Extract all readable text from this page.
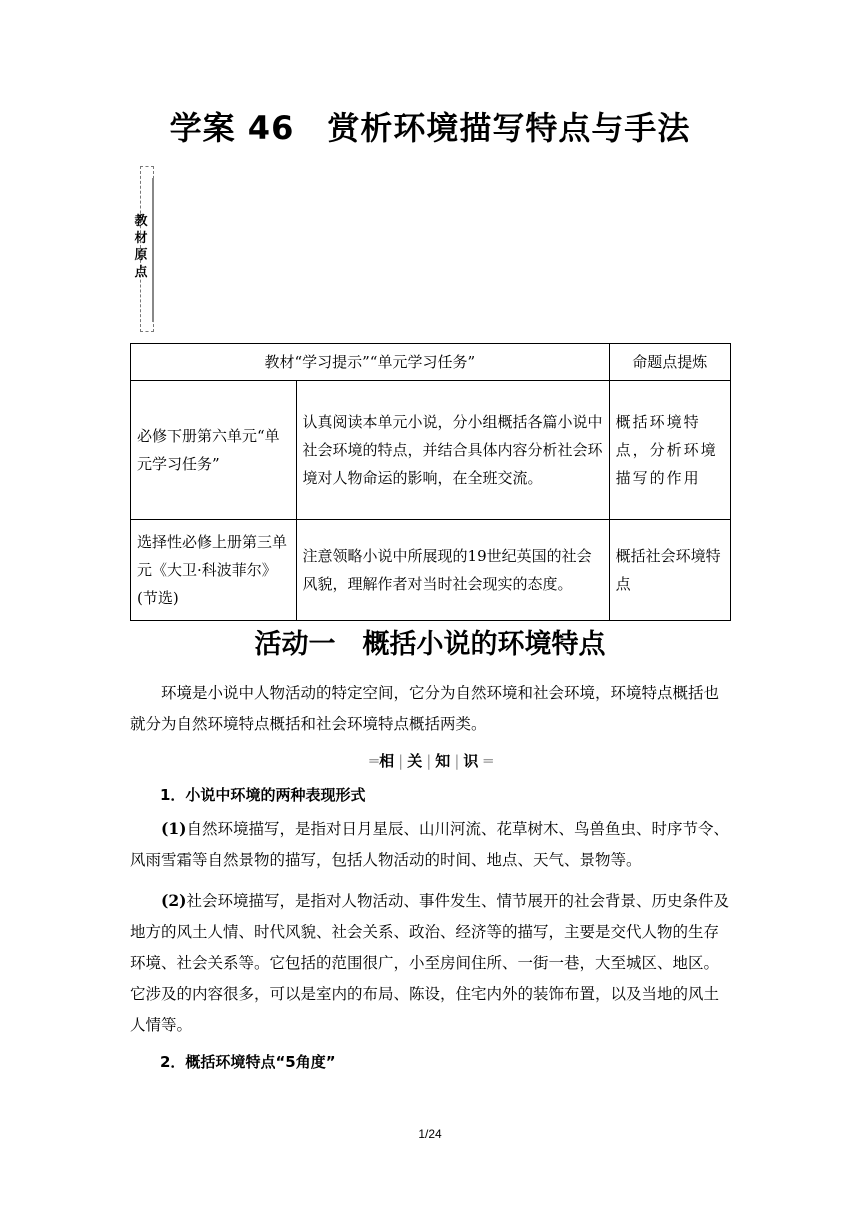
学案 46　赏析环境描写特点与手法
教材原点
教材“学习提示”“单元学习任务”		命题点提炼
必修下册第六单元“单元学习任务”	认真阅读本单元小说，分小组概括各篇小说中社会环境的特点，并结合具体内容分析社会环境对人物命运的影响，在全班交流。	概括环境特点，分析环境描写的作用
选择性必修上册第三单元《大卫·科波菲尔》(节选)	注意领略小说中所展现的19世纪英国的社会风貌，理解作者对当时社会现实的态度。	概括社会环境特点
活动一　概括小说的环境特点

环境是小说中人物活动的特定空间，它分为自然环境和社会环境，环境特点概括也就分为自然环境特点概括和社会环境特点概括两类。

═ 相 | 关 | 知 | 识 ═

1．小说中环境的两种表现形式

(1)自然环境描写，是指对日月星辰、山川河流、花草树木、鸟兽鱼虫、时序节令、风雨雪霜等自然景物的描写，包括人物活动的时间、地点、天气、景物等。

(2)社会环境描写，是指对人物活动、事件发生、情节展开的社会背景、历史条件及地方的风土人情、时代风貌、社会关系、政治、经济等的描写，主要是交代人物的生存环境、社会关系等。它包括的范围很广，小至房间住所、一街一巷，大至城区、地区。它涉及的内容很多，可以是室内的布局、陈设，住宅内外的装饰布置，以及当地的风土人情等。

2．概括环境特点“5角度”

1/24
